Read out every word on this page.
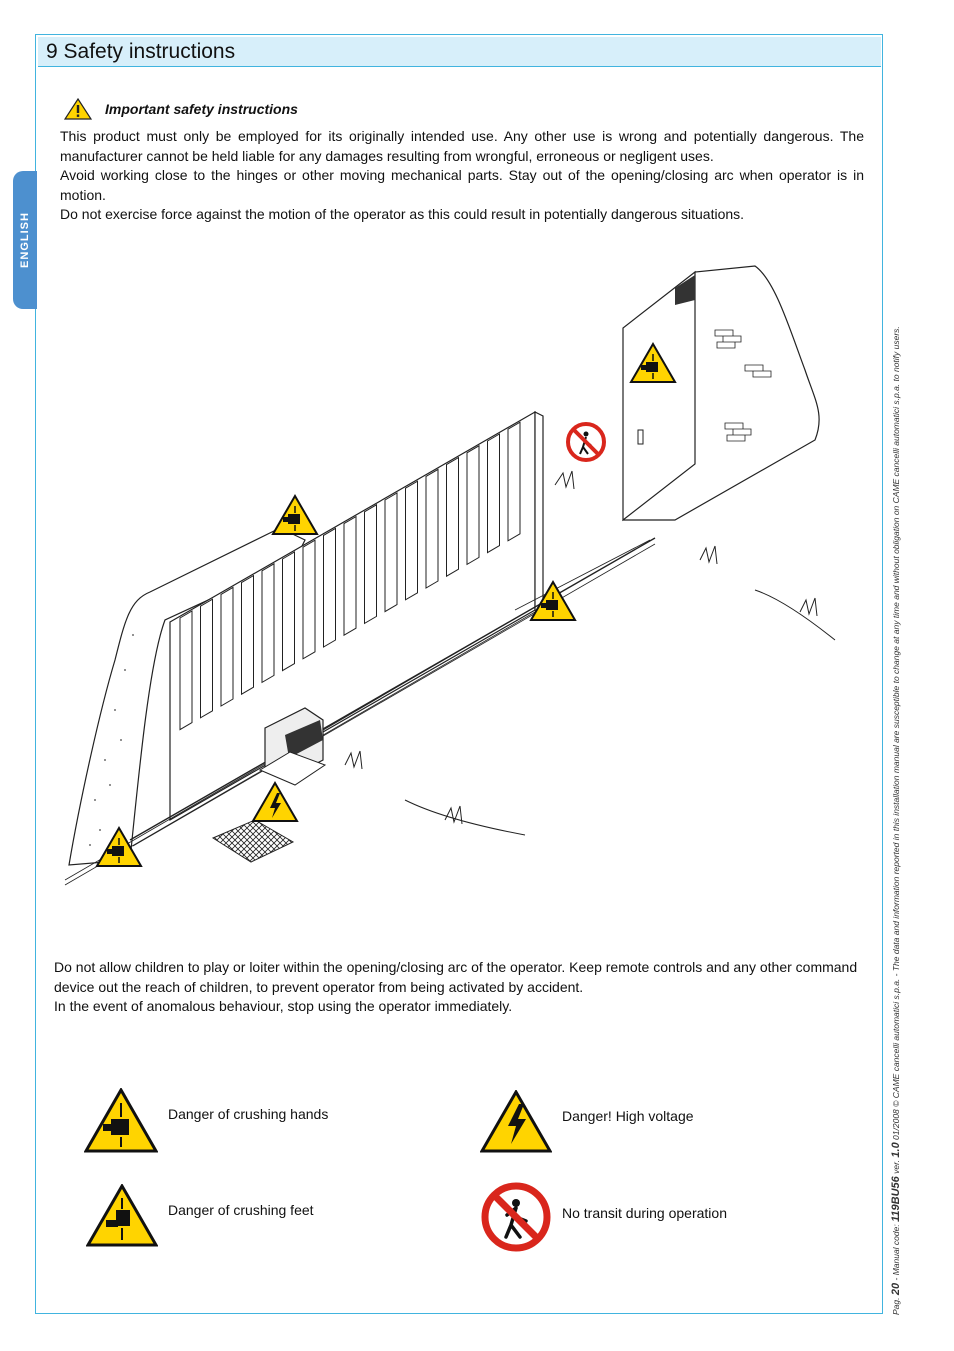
9 Safety instructions
ENGLISH
Important safety instructions

This product must only be employed for its originally intended use. Any other use is wrong and potentially dangerous. The manufacturer cannot be held liable for any damages resulting from wrongful, erroneous or negligent uses.

Avoid working close to the hinges or other moving mechanical parts. Stay out of the opening/closing arc when operator is in motion.

Do not exercise force against the motion of the operator as this could result in potentially dangerous situations.

Do not allow children to play or loiter within the opening/closing arc of the operator. Keep remote controls and any other command device out the reach of children, to prevent operator from being activated by accident.

In the event of anomalous behaviour, stop using the operator immediately.

Danger of crushing hands	Danger! High voltage
Danger of crushing feet	No transit during operation
Pag. 20 - Manual code: 119BU56 ver. 1.0 01/2008 © CAME cancelli automatici s.p.a. - The data and information reported in this installation manual are susceptible to change at any time and without obligation on CAME cancelli automatici s.p.a. to notify users.
